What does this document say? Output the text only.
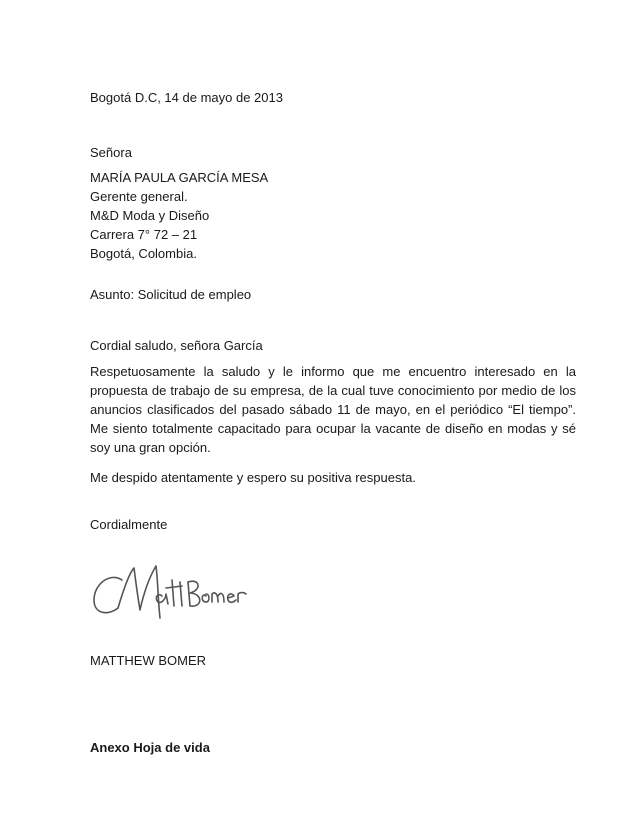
Bogotá D.C, 14 de mayo de 2013
Señora
MARÍA PAULA GARCÍA MESA
Gerente general.
M&D Moda y Diseño
Carrera 7° 72 – 21
Bogotá, Colombia.
Asunto: Solicitud de empleo
Cordial saludo, señora García
Respetuosamente la saludo y le informo que me encuentro interesado en la propuesta de trabajo de su empresa, de la cual tuve conocimiento por medio de los anuncios clasificados del pasado sábado 11 de mayo, en el periódico “El tiempo”. Me siento totalmente capacitado para ocupar la vacante de diseño en modas y sé soy una gran opción.
Me despido atentamente y espero su positiva respuesta.
Cordialmente
MATTHEW BOMER
Anexo Hoja de vida
